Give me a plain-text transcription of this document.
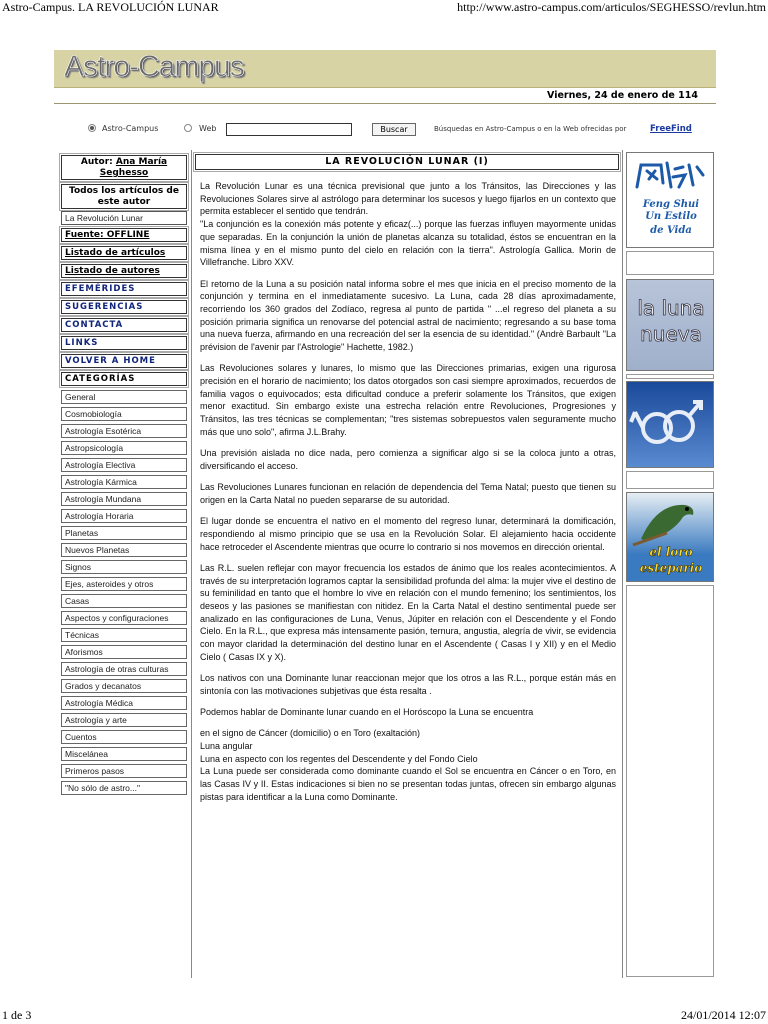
Astro-Campus. LA REVOLUCIÓN LUNAR	http://www.astro-campus.com/articulos/SEGHESSO/revlun.htm
1 de 3	24/01/2014 12:07
Astro-Campus
Viernes, 24 de enero de 114
Astro-Campus	Web	Buscar	Búsquedas en Astro-Campus o en la Web ofrecidas por	FreeFind
Autor: Ana María Seghesso
Todos los artículos de este autor
La Revolución Lunar
Fuente: OFFLINE
Listado de artículos
Listado de autores
EFEMÉRIDES
SUGERENCIAS
CONTACTA
LINKS
VOLVER A HOME
CATEGORÍAS
General
Cosmobiología
Astrología Esotérica
Astropsicología
Astrología Electiva
Astrología Kármica
Astrología Mundana
Astrología Horaria
Planetas
Nuevos Planetas
Signos
Ejes, asteroides y otros
Casas
Aspectos y configuraciones
Técnicas
Aforismos
Astrología de otras culturas
Grados y decanatos
Astrología Médica
Astrología y arte
Cuentos
Miscelánea
Primeros pasos
"No sólo de astro..."
LA REVOLUCIÓN LUNAR (I)

La Revolución Lunar es una técnica previsional que junto a los Tránsitos, las Direcciones y las Revoluciones Solares sirve al astrólogo para determinar los sucesos y luego fijarlos en un contexto que permita establecer el sentido que tendrán.
"La conjunción es la conexión más potente y eficaz(...) porque las fuerzas influyen mayormente unidas que separadas. En la conjunción la unión de planetas alcanza su totalidad, éstos se encuentran en la misma línea y en el mismo punto del cielo en relación con la tierra". Astrología Gallica. Morin de Villefranche. Libro XXV.

El retorno de la Luna a su posición natal informa sobre el mes que inicia en el preciso momento de la conjunción y termina en el inmediatamente sucesivo. La Luna, cada 28 días aproximadamente, recorriendo los 360 grados del Zodíaco, regresa al punto de partida " ...el regreso del planeta a su posición primaria significa un renovarse del potencial astral de nacimiento; regresando a su base toma una nueva fuerza, afirmando en una recreación del ser la esencia de su identidad." (Andrè Barbault "La prévision de l'avenir par l'Astrologie" Hachette, 1982.)

Las Revoluciones solares y lunares, lo mismo que las Direcciones primarias, exigen una rigurosa precisión en el horario de nacimiento; los datos otorgados son casi siempre aproximados, recuerdos de familia vagos o equivocados; esta dificultad conduce a preferir solamente los Tránsitos, que exigen menor exactitud. Sin embargo existe una estrecha relación entre Revoluciones, Progresiones y Tránsitos, las tres técnicas se complementan; "tres sistemas sobrepuestos valen seguramente mucho más que uno solo", afirma J.L.Brahy.

Una previsión aislada no dice nada, pero comienza a significar algo si se la coloca junto a otras, diversificando el acceso.

Las Revoluciones Lunares funcionan en relación de dependencia del Tema Natal; puesto que tienen su origen en la Carta Natal no pueden separarse de su autoridad.

El lugar donde se encuentra el nativo en el momento del regreso lunar, determinará la domificación, respondiendo al mismo principio que se usa en la Revolución Solar. El alejamiento hacia occidente hace retroceder el Ascendente mientras que ocurre lo contrario si nos movemos en dirección oriental.

Las R.L. suelen reflejar con mayor frecuencia los estados de ánimo que los reales acontecimientos. A través de su interpretación logramos captar la sensibilidad profunda del alma: la mujer vive el destino de su feminilidad en tanto que el hombre lo vive en relación con el mundo femenino; los sentimientos, los deseos y las pasiones se manifiestan con nitidez. En la Carta Natal el destino sentimental puede ser analizado en las configuraciones de Luna, Venus, Júpiter en relación con el Descendente y el Fondo Cielo. En la R.L., que expresa más intensamente pasión, ternura, angustia, alegría de vivir, se evidencia con mayor claridad la determinación del destino lunar en el Ascendente ( Casas I y XII) y en el Medio Cielo ( Casas IX y X).

Los nativos con una Dominante lunar reaccionan mejor que los otros a las R.L., porque están más en sintonía con las motivaciones subjetivas que ésta resalta .

Podemos hablar de Dominante lunar cuando en el Horóscopo la Luna se encuentra

en el signo de Cáncer (domicilio) o en Toro (exaltación)
Luna angular
Luna en aspecto con los regentes del Descendente y del Fondo Cielo
La Luna puede ser considerada como dominante cuando el Sol se encuentra en Cáncer o en Toro, en las Casas IV y II. Estas indicaciones si bien no se presentan todas juntas, ofrecen sin embargo algunas pistas para identificar a la Luna como Dominante.

Feng Shui
Un Estilo
de Vida
la luna
nueva
el loro
estepario
